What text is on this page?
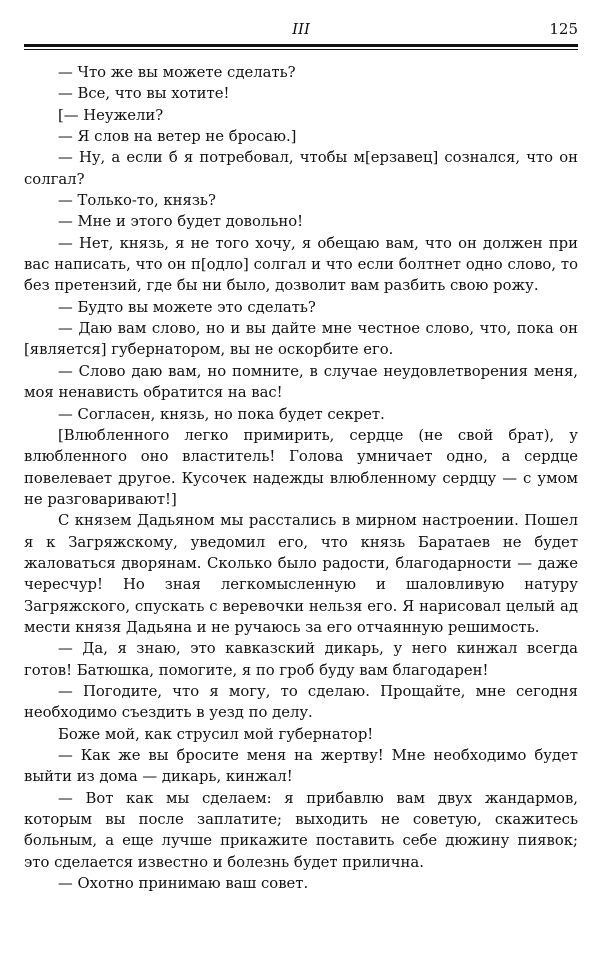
III	125

— Что же вы можете сделать?

— Все, что вы хотите!

[— Неужели?

— Я слов на ветер не бросаю.]

— Ну, а если б я потребовал, чтобы м[ерзавец] сознался, что он солгал?

— Только-то, князь?

— Мне и этого будет довольно!

— Нет, князь, я не того хочу, я обещаю вам, что он должен при вас написать, что он п[одло] солгал и что если болтнет одно слово, то без претензий, где бы ни было, дозволит вам разбить свою рожу.

— Будто вы можете это сделать?

— Даю вам слово, но и вы дайте мне честное слово, что, пока он [является] губернатором, вы не оскорбите его.

— Слово даю вам, но помните, в случае неудовлетворения меня, моя ненависть обратится на вас!

— Согласен, князь, но пока будет секрет.

[Влюбленного легко примирить, сердце (не свой брат), у влюбленного оно властитель! Голова умничает одно, а сердце повелевает другое. Кусочек надежды влюбленному сердцу — с умом не разговаривают!]

С князем Дадьяном мы расстались в мирном настроении. Пошел я к Загряжскому, уведомил его, что князь Баратаев не будет жаловаться дворянам. Сколько было радости, благодарности — даже чересчур! Но зная легкомысленную и шаловливую натуру Загряжского, спускать с веревочки нельзя его. Я нарисовал целый ад мести князя Дадьяна и не ручаюсь за его отчаянную решимость.

— Да, я знаю, это кавказский дикарь, у него кинжал всегда готов! Батюшка, помогите, я по гроб буду вам благодарен!

— Погодите, что я могу, то сделаю. Прощайте, мне сегодня необходимо съездить в уезд по делу.

Боже мой, как струсил мой губернатор!

— Как же вы бросите меня на жертву! Мне необходимо будет выйти из дома — дикарь, кинжал!

— Вот как мы сделаем: я прибавлю вам двух жандармов, которым вы после заплатите; выходить не советую, скажитесь больным, а еще лучше прикажите поставить себе дюжину пиявок; это сделается известно и болезнь будет прилична.

— Охотно принимаю ваш совет.
